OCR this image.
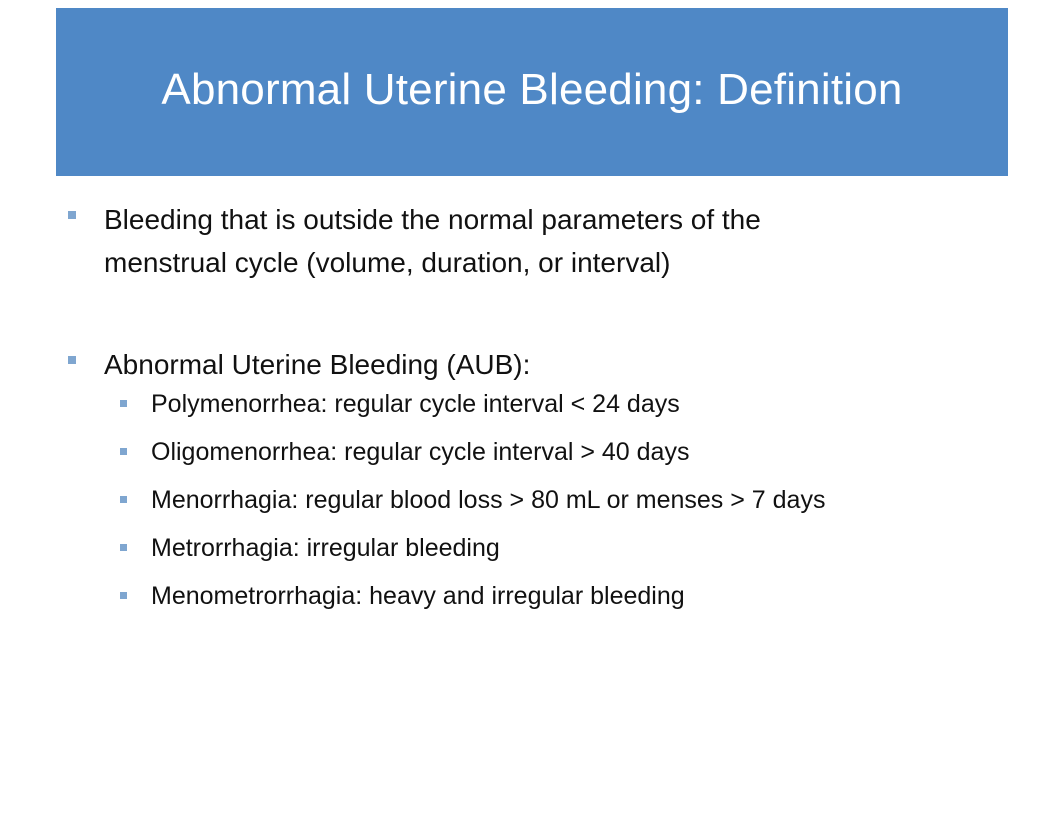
Abnormal Uterine Bleeding: Definition
Bleeding that is outside the normal parameters of the
menstrual cycle (volume, duration, or interval)
Abnormal Uterine Bleeding (AUB):
Polymenorrhea: regular cycle interval < 24 days
Oligomenorrhea: regular cycle interval > 40 days
Menorrhagia: regular blood loss > 80 mL or menses > 7 days
Metrorrhagia: irregular bleeding
Menometrorrhagia: heavy and irregular bleeding
